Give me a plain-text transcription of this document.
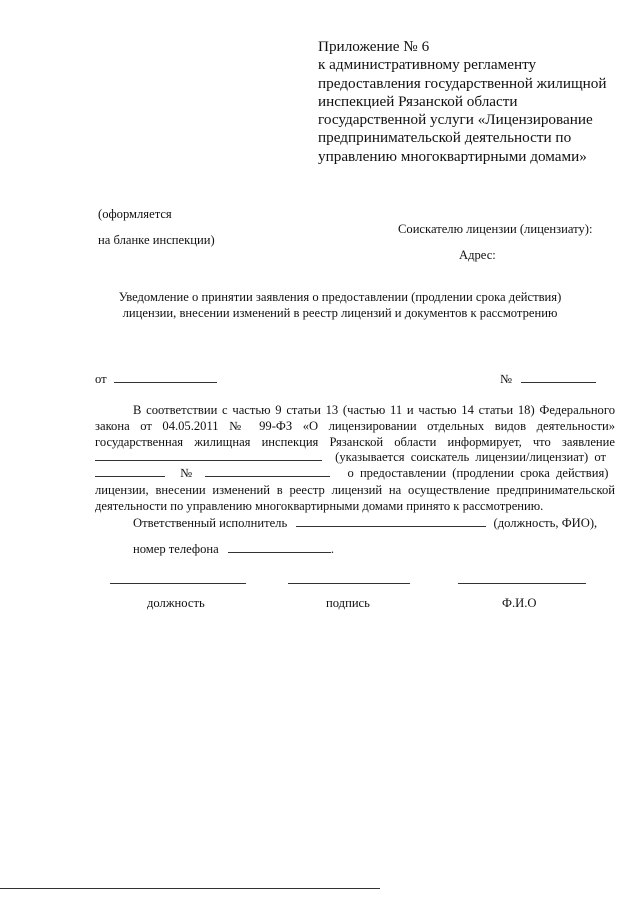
Приложение № 6
к административному регламенту
предоставления государственной жилищной
инспекцией Рязанской области
государственной услуги «Лицензирование
предпринимательской деятельности по
управлению многоквартирными домами»
(оформляется
на бланке инспекции)
Соискателю лицензии (лицензиату):
Адрес:
Уведомление о принятии заявления о предоставлении (продлении срока действия)
лицензии, внесении изменений в реестр лицензий и документов к рассмотрению
от	№
В соответствии с частью 9 статьи 13 (частью 11 и частью 14 статьи 18) Федерального
закона от 04.05.2011 № 99-ФЗ «О лицензировании отдельных видов деятельности»
государственная жилищная инспекция Рязанской области информирует, что заявление
(указывается соискатель лицензии/лицензиат) от
№	о предоставлении (продлении срока действия)
лицензии, внесении изменений в реестр лицензий на осуществление предпринимательской
деятельности по управлению многоквартирными домами принято к рассмотрению.
Ответственный исполнитель	(должность, ФИО),
номер телефона	.
должность	подпись	Ф.И.О
